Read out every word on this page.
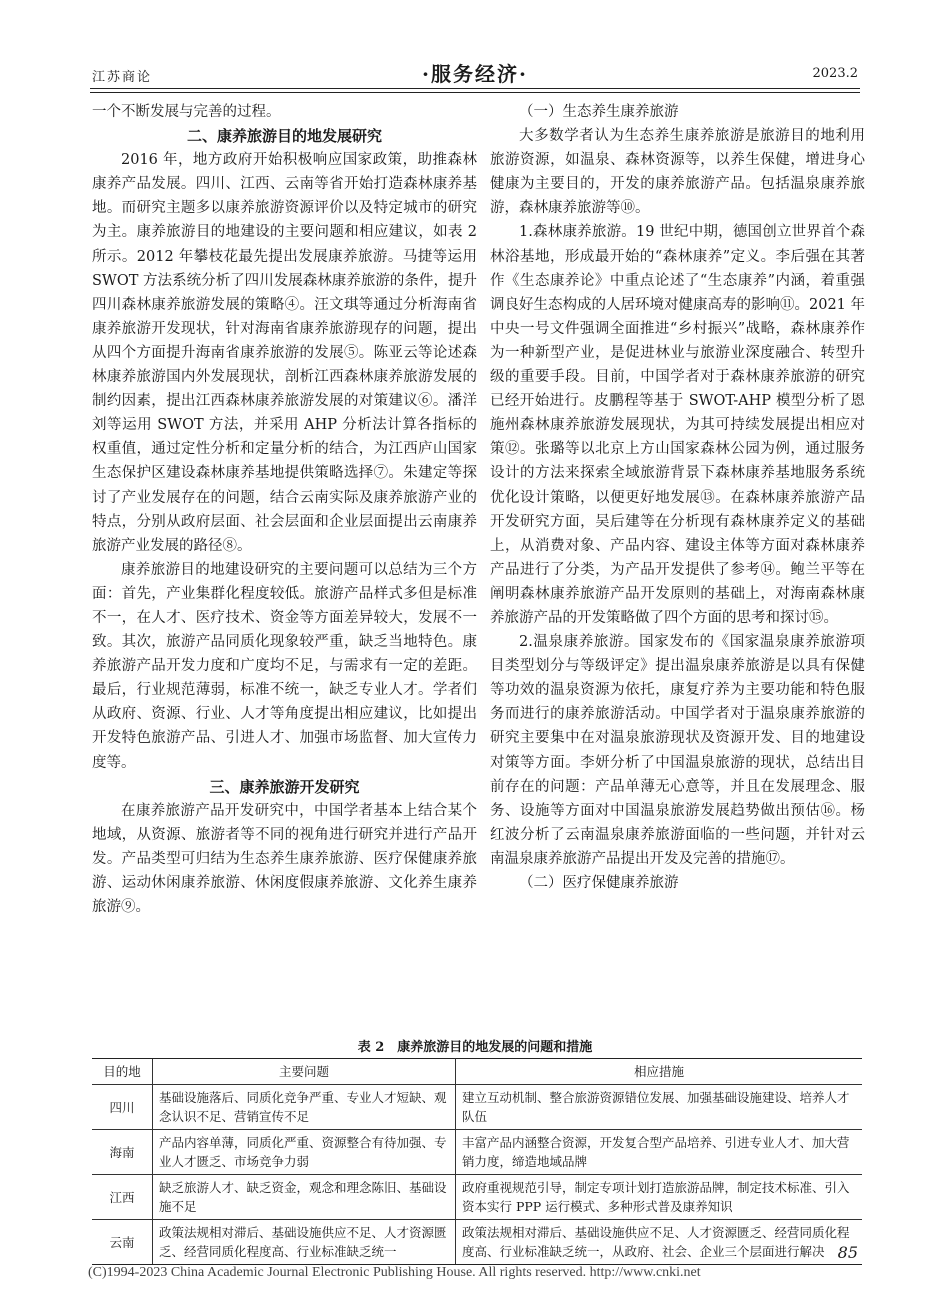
江苏商论	·服务经济·	2023.2

一个不断发展与完善的过程。

二、康养旅游目的地发展研究

2016 年，地方政府开始积极响应国家政策，助推森林康养产品发展。四川、江西、云南等省开始打造森林康养基地。而研究主题多以康养旅游资源评价以及特定城市的研究为主。康养旅游目的地建设的主要问题和相应建议，如表 2 所示。2012 年攀枝花最先提出发展康养旅游。马捷等运用 SWOT 方法系统分析了四川发展森林康养旅游的条件，提升四川森林康养旅游发展的策略④。汪文琪等通过分析海南省康养旅游开发现状，针对海南省康养旅游现存的问题，提出从四个方面提升海南省康养旅游的发展⑤。陈亚云等论述森林康养旅游国内外发展现状，剖析江西森林康养旅游发展的制约因素，提出江西森林康养旅游发展的对策建议⑥。潘洋刘等运用 SWOT 方法，并采用 AHP 分析法计算各指标的权重值，通过定性分析和定量分析的结合，为江西庐山国家生态保护区建设森林康养基地提供策略选择⑦。朱建定等探讨了产业发展存在的问题，结合云南实际及康养旅游产业的特点，分别从政府层面、社会层面和企业层面提出云南康养旅游产业发展的路径⑧。

康养旅游目的地建设研究的主要问题可以总结为三个方面：首先，产业集群化程度较低。旅游产品样式多但是标准不一，在人才、医疗技术、资金等方面差异较大，发展不一致。其次，旅游产品同质化现象较严重，缺乏当地特色。康养旅游产品开发力度和广度均不足，与需求有一定的差距。最后，行业规范薄弱，标准不统一，缺乏专业人才。学者们从政府、资源、行业、人才等角度提出相应建议，比如提出开发特色旅游产品、引进人才、加强市场监督、加大宣传力度等。

三、康养旅游开发研究

在康养旅游产品开发研究中，中国学者基本上结合某个地域，从资源、旅游者等不同的视角进行研究并进行产品开发。产品类型可归结为生态养生康养旅游、医疗保健康养旅游、运动休闲康养旅游、休闲度假康养旅游、文化养生康养旅游⑨。

（一）生态养生康养旅游

大多数学者认为生态养生康养旅游是旅游目的地利用旅游资源，如温泉、森林资源等，以养生保健，增进身心健康为主要目的，开发的康养旅游产品。包括温泉康养旅游，森林康养旅游等⑩。

1.森林康养旅游。19 世纪中期，德国创立世界首个森林浴基地，形成最开始的“森林康养”定义。李后强在其著作《生态康养论》中重点论述了“生态康养”内涵，着重强调良好生态构成的人居环境对健康高寿的影响⑪。2021 年中央一号文件强调全面推进“乡村振兴”战略，森林康养作为一种新型产业，是促进林业与旅游业深度融合、转型升级的重要手段。目前，中国学者对于森林康养旅游的研究已经开始进行。皮鹏程等基于 SWOT-AHP 模型分析了恩施州森林康养旅游发展现状，为其可持续发展提出相应对策⑫。张璐等以北京上方山国家森林公园为例，通过服务设计的方法来探索全域旅游背景下森林康养基地服务系统优化设计策略，以便更好地发展⑬。在森林康养旅游产品开发研究方面，吴后建等在分析现有森林康养定义的基础上，从消费对象、产品内容、建设主体等方面对森林康养产品进行了分类，为产品开发提供了参考⑭。鲍兰平等在阐明森林康养旅游产品开发原则的基础上，对海南森林康养旅游产品的开发策略做了四个方面的思考和探讨⑮。

2.温泉康养旅游。国家发布的《国家温泉康养旅游项目类型划分与等级评定》提出温泉康养旅游是以具有保健等功效的温泉资源为依托，康复疗养为主要功能和特色服务而进行的康养旅游活动。中国学者对于温泉康养旅游的研究主要集中在对温泉旅游现状及资源开发、目的地建设对策等方面。李妍分析了中国温泉旅游的现状，总结出目前存在的问题：产品单薄无心意等，并且在发展理念、服务、设施等方面对中国温泉旅游发展趋势做出预估⑯。杨红波分析了云南温泉康养旅游面临的一些问题，并针对云南温泉康养旅游产品提出开发及完善的措施⑰。

（二）医疗保健康养旅游

表 2　康养旅游目的地发展的问题和措施
目的地	主要问题	相应措施
四川	基础设施落后、同质化竞争严重、专业人才短缺、观念认识不足、营销宣传不足	建立互动机制、整合旅游资源错位发展、加强基础设施建设、培养人才队伍
海南	产品内容单薄，同质化严重、资源整合有待加强、专业人才匮乏、市场竞争力弱	丰富产品内涵整合资源，开发复合型产品培养、引进专业人才、加大营销力度，缔造地域品牌
江西	缺乏旅游人才、缺乏资金，观念和理念陈旧、基础设施不足	政府重视规范引导，制定专项计划打造旅游品牌，制定技术标准、引入资本实行 PPP 运行模式、多种形式普及康养知识
云南	政策法规相对滞后、基础设施供应不足、人才资源匮乏、经营同质化程度高、行业标准缺乏统一	政策法规相对滞后、基础设施供应不足、人才资源匮乏、经营同质化程度高、行业标准缺乏统一，从政府、社会、企业三个层面进行解决 85
(C)1994-2023 China Academic Journal Electronic Publishing House. All rights reserved. http://www.cnki.net
